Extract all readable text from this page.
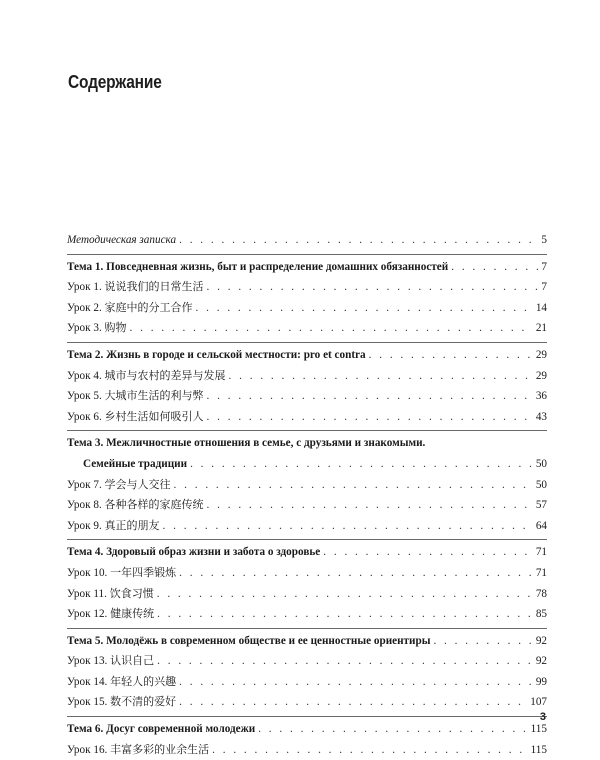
Содержание
Методическая записка . . .	5
Тема 1. Повседневная жизнь, быт и распределение домашних обязанностей . . .	7
Урок 1. 说说我们的日常生活 . . .	7
Урок 2. 家庭中的分工合作 . . .	14
Урок 3. 购物 . . .	21
Тема 2. Жизнь в городе и сельской местности: pro et contra . . .	29
Урок 4. 城市与农村的差异与发展 . . .	29
Урок 5. 大城市生活的利与弊 . . .	36
Урок 6. 乡村生活如何吸引人 . . .	43
Тема 3. Межличностные отношения в семье, с друзьями и знакомыми.
Семейные традиции . . .	50
Урок 7. 学会与人交往 . . .	50
Урок 8. 各种各样的家庭传统 . . .	57
Урок 9. 真正的朋友 . . .	64
Тема 4. Здоровый образ жизни и забота о здоровье . . .	71
Урок 10. 一年四季锻炼 . . .	71
Урок 11. 饮食习惯 . . .	78
Урок 12. 健康传统 . . .	85
Тема 5. Молодёжь в современном обществе и ее ценностные ориентиры . . .	92
Урок 13. 认识自己 . . .	92
Урок 14. 年轻人的兴趣 . . .	99
Урок 15. 数不清的爱好 . . .	107
Тема 6. Досуг современной молодежи . . .	115
Урок 16. 丰富多彩的业余生活 . . .	115
3
